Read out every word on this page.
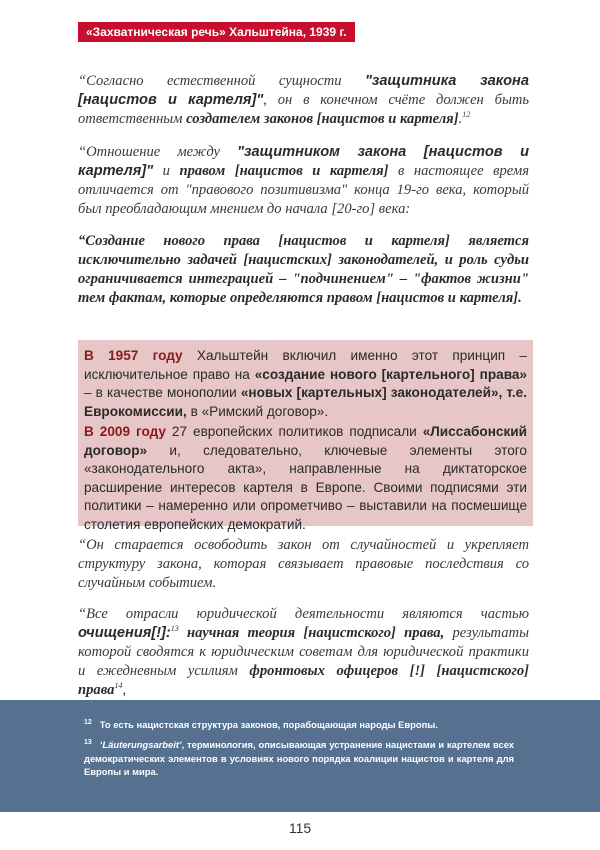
«Захватническая речь» Хальштейна, 1939 г.

“Согласно естественной сущности "защитника закона [нацистов и картеля]", он в конечном счёте должен быть ответственным создателем законов [нацистов и картеля].$^{12}$

“Отношение между "защитником закона [нацистов и картеля]" и правом [нацистов и картеля] в настоящее время отличается от "правового позитивизма" конца 19-го века, который был преобладающим мнением до начала [20-го] века:

“Создание нового права [нацистов и картеля] является исключительно задачей [нацистских] законодателей, и роль судьи ограничивается интеграцией – "подчинением" – "фактов жизни" тем фактам, которые определяются правом [нацистов и картеля].

В 1957 году Хальштейн включил именно этот принцип – исключительное право на «создание нового [картельного] права» – в качестве монополии «новых [картельных] законодателей», т.е. Еврокомиссии, в «Римский договор».

В 2009 году 27 европейских политиков подписали «Лиссабонский договор» и, следовательно, ключевые элементы этого «законодательного акта», направленные на диктаторское расширение интересов картеля в Европе. Своими подписями эти политики – намеренно или опрометчиво – выставили на посмешище столетия европейских демократий.

“Он старается освободить закон от случайностей и укрепляет структуру закона, которая связывает правовые последствия со случайным событием.

“Все отрасли юридической деятельности являются частью очищения[!]:$^{13}$ научная теория [нацистского] права, результаты которой сводятся к юридическим советам для юридической практики и ежедневным усилиям фронтовых офицеров [!] [нацистского] права$^{14}$,

$^{12}$ То есть нацистская структура законов, порабощающая народы Европы.
$^{13}$ ‘Läuterungsarbeit’, терминология, описывающая устранение нацистами и картелем всех демократических элементов в условиях нового порядка коалиции нацистов и картеля для Европы и мира.
115
